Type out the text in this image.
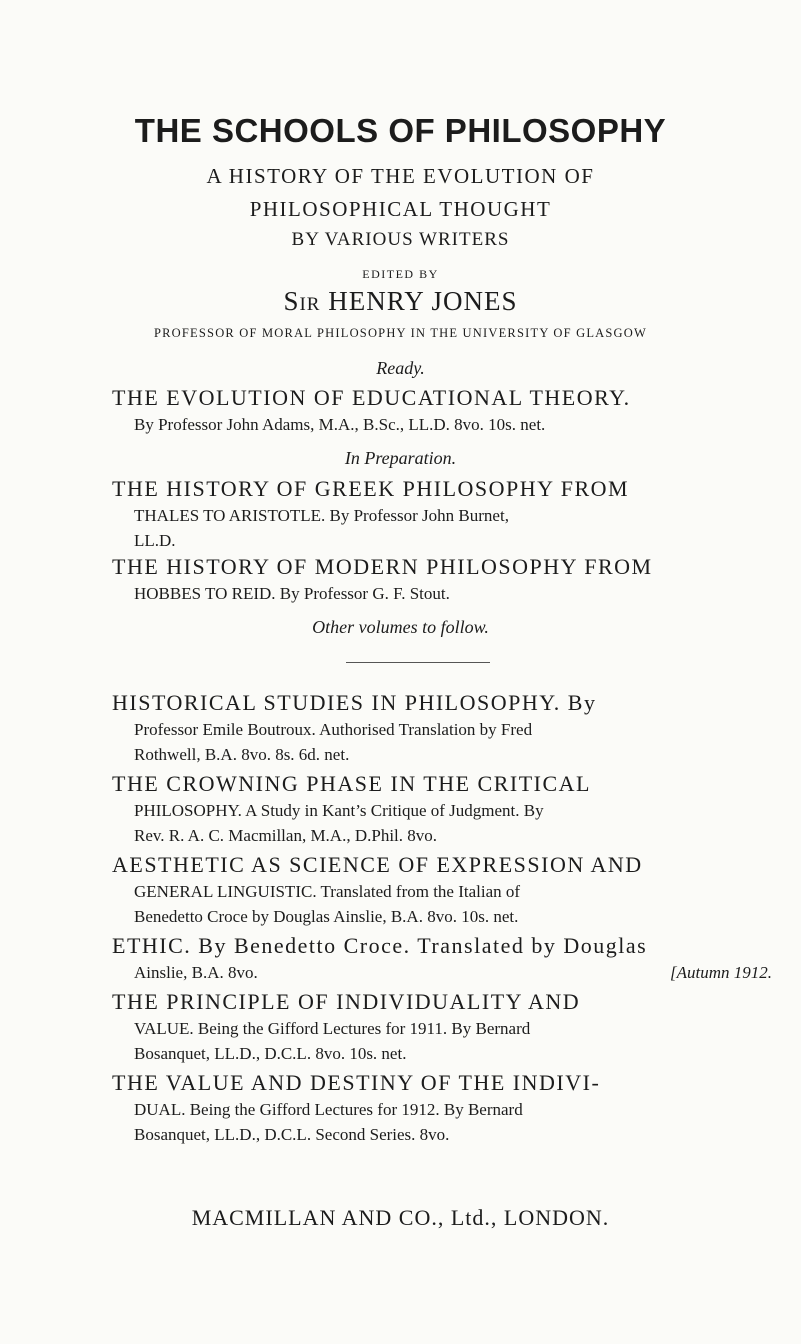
THE SCHOOLS OF PHILOSOPHY
A HISTORY OF THE EVOLUTION OF
PHILOSOPHICAL THOUGHT
BY VARIOUS WRITERS
EDITED BY
Sir HENRY JONES
PROFESSOR OF MORAL PHILOSOPHY IN THE UNIVERSITY OF GLASGOW
Ready.
THE EVOLUTION OF EDUCATIONAL THEORY.
By Professor John Adams, M.A., B.Sc., LL.D. 8vo. 10s. net.
In Preparation.
THE HISTORY OF GREEK PHILOSOPHY FROM
THALES TO ARISTOTLE. By Professor John Burnet,
LL.D.
THE HISTORY OF MODERN PHILOSOPHY FROM
HOBBES TO REID. By Professor G. F. Stout.
Other volumes to follow.
HISTORICAL STUDIES IN PHILOSOPHY. By
Professor Emile Boutroux. Authorised Translation by Fred
Rothwell, B.A. 8vo. 8s. 6d. net.
THE CROWNING PHASE IN THE CRITICAL
PHILOSOPHY. A Study in Kant’s Critique of Judgment. By
Rev. R. A. C. Macmillan, M.A., D.Phil. 8vo.
AESTHETIC AS SCIENCE OF EXPRESSION AND
GENERAL LINGUISTIC. Translated from the Italian of
Benedetto Croce by Douglas Ainslie, B.A. 8vo. 10s. net.
ETHIC. By Benedetto Croce. Translated by Douglas
Ainslie, B.A. 8vo.	[Autumn 1912.
THE PRINCIPLE OF INDIVIDUALITY AND
VALUE. Being the Gifford Lectures for 1911. By Bernard
Bosanquet, LL.D., D.C.L. 8vo. 10s. net.
THE VALUE AND DESTINY OF THE INDIVI-
DUAL. Being the Gifford Lectures for 1912. By Bernard
Bosanquet, LL.D., D.C.L. Second Series. 8vo.
MACMILLAN AND CO., Ltd., LONDON.
